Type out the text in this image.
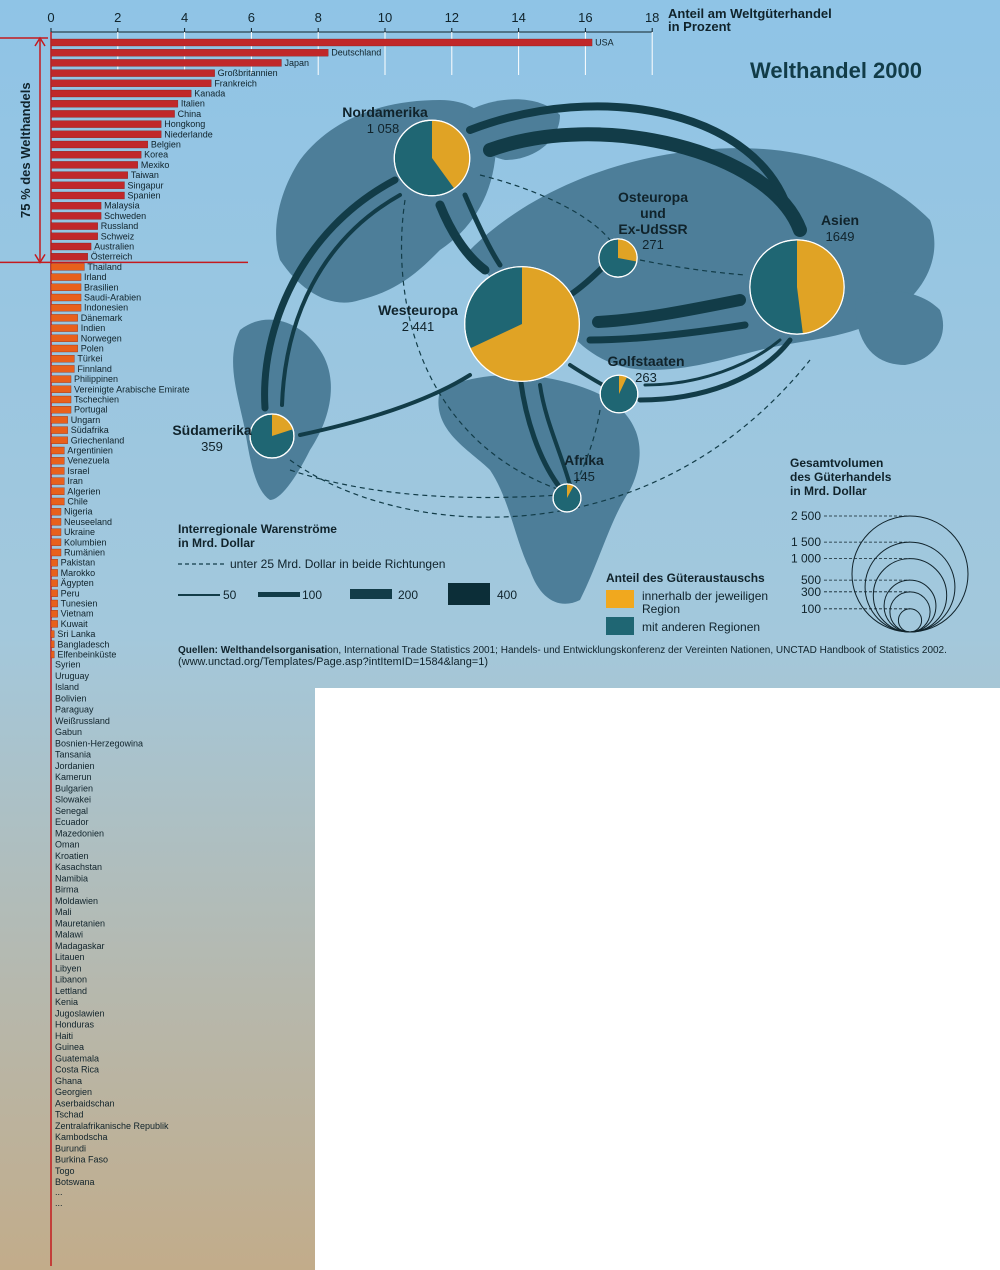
Nordamerika
1 058
Osteuropa
und
Ex-UdSSR
271
Asien
1649
Westeuropa
2 441
Golfstaaten
263
Südamerika
359
Afrika
145
Welthandel 2000
Interregionale Warenströme
in Mrd. Dollar
unter 25 Mrd. Dollar in beide Richtungen
50	100	200	400
Anteil des Güteraustauschs
innerhalb der jeweiligen
Region
mit anderen Regionen
Gesamtvolumen
des Güterhandels
in Mrd. Dollar
2 500
1 500
1 000
500
300
100
Quellen: Welthandelsorganisation, International Trade Statistics 2001; Handels- und Entwicklungskonferenz der Vereinten Nationen, UNCTAD Handbook of Statistics 2002.
(www.unctad.org/Templates/Page.asp?intItemID=1584&lang=1)
0	2	4	6	8	10	12	14	16	18 Anteil am Weltgüterhandel
in Prozent
USA
Deutschland
Japan
Großbritannien
Frankreich
Kanada
Italien
China
Hongkong
Niederlande
Belgien
Korea
Mexiko
Taiwan
Singapur
Spanien
Malaysia
Schweden
Russland
Schweiz
Australien
Österreich
Thailand
Irland
Brasilien
Saudi-Arabien
Indonesien
Dänemark
Indien
Norwegen
Polen
Türkei
Finnland
Philippinen
Vereinigte Arabische Emirate
Tschechien
Portugal
Ungarn
Südafrika
Griechenland
Argentinien
Venezuela
Israel
Iran
Algerien
Chile
Nigeria
Neuseeland
Ukraine
Kolumbien
Rumänien
Pakistan
Marokko
Ägypten
Peru
Tunesien
Vietnam
Kuwait
Sri Lanka
Bangladesch
Elfenbeinküste
Syrien
Uruguay
Island
Bolivien
Paraguay
Weißrussland
Gabun
Bosnien-Herzegowina
Tansania
Jordanien
Kamerun
Bulgarien
Slowakei
Senegal
Ecuador
Mazedonien
Oman
Kroatien
Kasachstan
Namibia
Birma
Moldawien
Mali
Mauretanien
Malawi
Madagaskar
Litauen
Libyen
Libanon
Lettland
Kenia
Jugoslawien
Honduras
Haiti
Guinea
Guatemala
Costa Rica
Ghana
Georgien
Aserbaidschan
Tschad
Zentralafrikanische Republik
Kambodscha
Burundi
Burkina Faso
Togo
Botswana
...
...
75 % des Welthandels
